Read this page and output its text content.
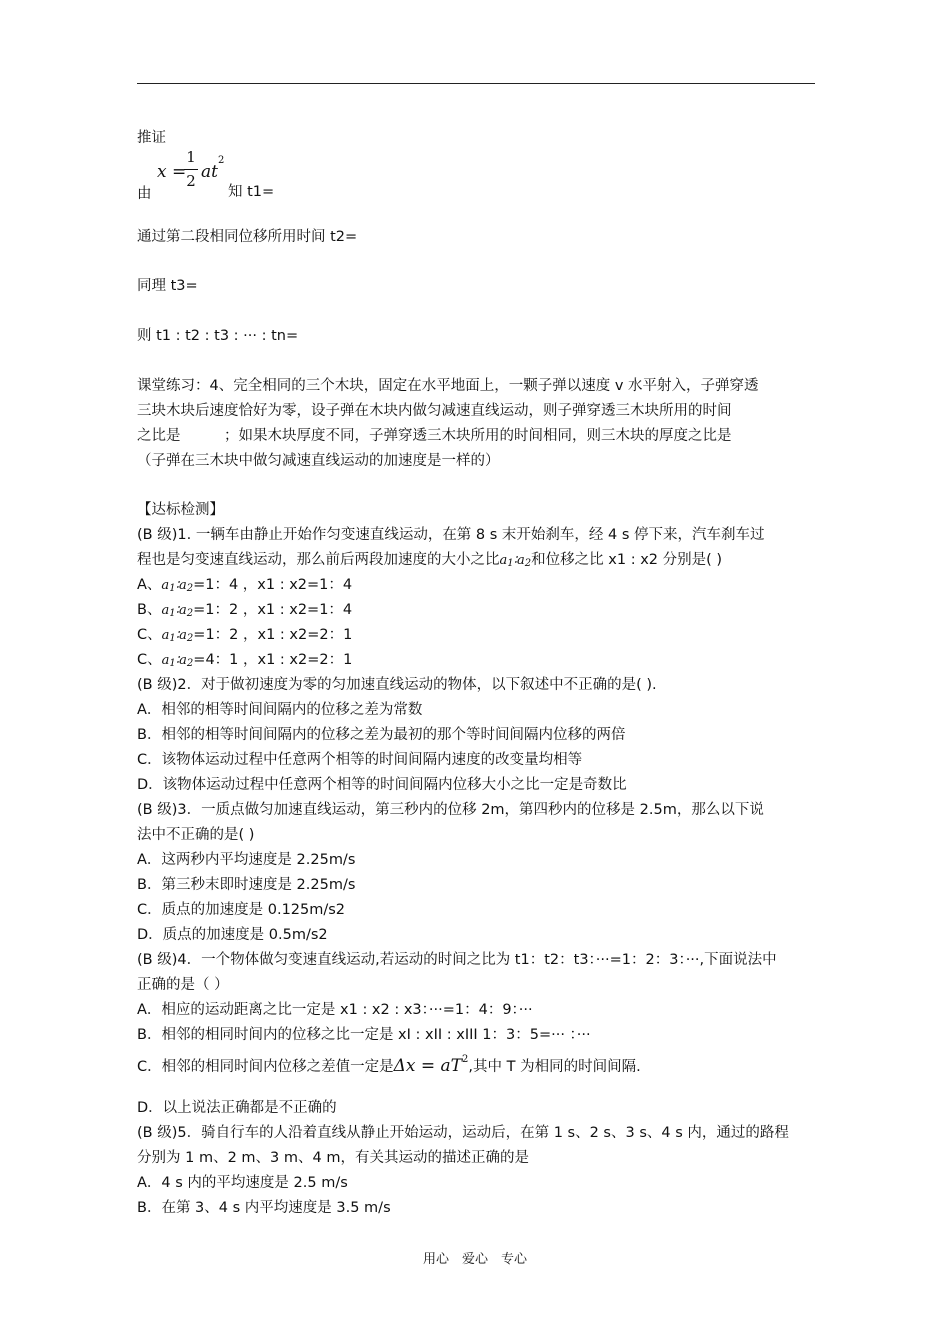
推证
x =
1
2 at
2
由	知 t1=
通过第二段相同位移所用时间 t2=
同理 t3=
则 t1 : t2 : t3 : ··· : tn=
课堂练习：4、完全相同的三个木块，固定在水平地面上，一颗子弹以速度 v 水平射入，子弹穿透
三块木块后速度恰好为零，设子弹在木块内做匀减速直线运动，则子弹穿透三木块所用的时间
之比是　　　；如果木块厚度不同，子弹穿透三木块所用的时间相同，则三木块的厚度之比是
（子弹在三木块中做匀减速直线运动的加速度是一样的）
【达标检测】
(B 级)1. 一辆车由静止开始作匀变速直线运动，在第 8 s 末开始刹车，经 4 s 停下来，汽车刹车过
程也是匀变速直线运动，那么前后两段加速度的大小之比$a_1∶a_2$和位移之比 x1 : x2 分别是( )
A、$a_1∶a_2=1$：4 ，x1 : x2=1：4
B、$a_1∶a_2=1$：2 ，x1 : x2=1：4
C、$a_1∶a_2=1$：2 ，x1 : x2=2：1
C、$a_1∶a_2=4$：1 ，x1 : x2=2：1
(B 级)2．对于做初速度为零的匀加速直线运动的物体，以下叙述中不正确的是( ).
A．相邻的相等时间间隔内的位移之差为常数
B．相邻的相等时间间隔内的位移之差为最初的那个等时间间隔内位移的两倍
C．该物体运动过程中任意两个相等的时间间隔内速度的改变量均相等
D．该物体运动过程中任意两个相等的时间间隔内位移大小之比一定是奇数比
(B 级)3．一质点做匀加速直线运动，第三秒内的位移 2m，第四秒内的位移是 2.5m，那么以下说
法中不正确的是( )
A．这两秒内平均速度是 2.25m/s
B．第三秒末即时速度是 2.25m/s
C．质点的加速度是 0.125m/s2
D．质点的加速度是 0.5m/s2
(B 级)4．一个物体做匀变速直线运动,若运动的时间之比为 t1：t2：t3：···=1：2：3：···,下面说法中
正确的是（ ）
A．相应的运动距离之比一定是 x1 : x2 : x3：···=1：4：9：···
B．相邻的相同时间内的位移之比一定是 xI : xII : xIII 1：3：5=··· ：···
C．相邻的相同时间内位移之差值一定是$\Delta x = aT^2$,其中 T 为相同的时间间隔.
D．以上说法正确都是不正确的
(B 级)5．骑自行车的人沿着直线从静止开始运动，运动后，在第 1 s、2 s、3 s、4 s 内，通过的路程
分别为 1 m、2 m、3 m、4 m，有关其运动的描述正确的是
A．4 s 内的平均速度是 2.5 m/s
B．在第 3、4 s 内平均速度是 3.5 m/s
用心　爱心　专心
